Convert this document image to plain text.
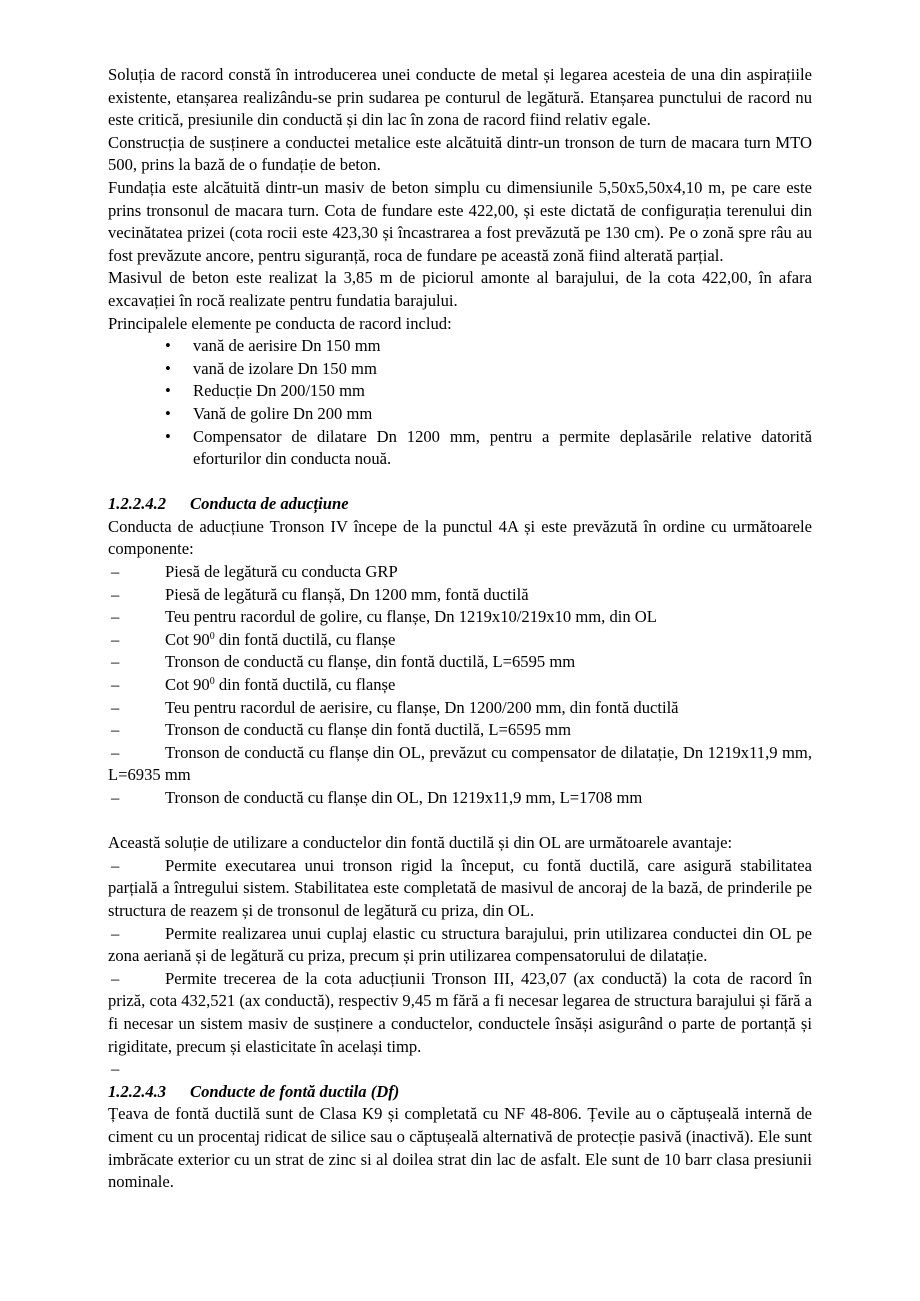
Soluția de racord constă în introducerea unei conducte de metal și legarea acesteia de una din aspirațiile existente, etanșarea realizându-se prin sudarea pe conturul de legătură. Etanșarea punctului de racord nu este critică, presiunile din conductă și din lac în zona de racord fiind relativ egale.

Construcția de susținere a conductei metalice este alcătuită dintr-un tronson de turn de macara turn MTO 500, prins la bază de o fundație de beton.

Fundația este alcătuită dintr-un masiv de beton simplu cu dimensiunile 5,50x5,50x4,10 m, pe care este prins tronsonul de macara turn. Cota de fundare este 422,00, și este dictată de configurația terenului din vecinătatea prizei (cota rocii este 423,30 și încastrarea a fost prevăzută pe 130 cm). Pe o zonă spre râu au fost prevăzute ancore, pentru siguranță, roca de fundare pe această zonă fiind alterată parțial.

Masivul de beton este realizat la 3,85 m de piciorul amonte al barajului, de la cota 422,00, în afara excavației în rocă realizate pentru fundatia barajului.

Principalele elemente pe conducta de racord includ:

• vană de aerisire Dn 150 mm
• vană de izolare Dn 150 mm
• Reducție Dn 200/150 mm
• Vană de golire Dn 200 mm
• Compensator de dilatare Dn 1200 mm, pentru a permite deplasările relative datorită eforturilor din conducta nouă.
1.2.2.4.2 Conducta de aducțiune

Conducta de aducțiune Tronson IV începe de la punctul 4A și este prevăzută în ordine cu următoarele componente:

–	Piesă de legătură cu conducta GRP

–	Piesă de legătură cu flanșă, Dn 1200 mm, fontă ductilă

–	Teu pentru racordul de golire, cu flanșe, Dn 1219x10/219x10 mm, din OL

–	Cot $90^0$ din fontă ductilă, cu flanșe

–	Tronson de conductă cu flanșe, din fontă ductilă, L=6595 mm

–	Cot $90^0$ din fontă ductilă, cu flanșe

–	Teu pentru racordul de aerisire, cu flanșe, Dn 1200/200 mm, din fontă ductilă

–	Tronson de conductă cu flanșe din fontă ductilă, L=6595 mm

–	Tronson de conductă cu flanșe din OL, prevăzut cu compensator de dilatație, Dn 1219x11,9 mm, L=6935 mm

–	Tronson de conductă cu flanșe din OL, Dn 1219x11,9 mm, L=1708 mm

Această soluție de utilizare a conductelor din fontă ductilă și din OL are următoarele avantaje:

–	Permite executarea unui tronson rigid la început, cu fontă ductilă, care asigură stabilitatea parțială a întregului sistem. Stabilitatea este completată de masivul de ancoraj de la bază, de prinderile pe structura de reazem și de tronsonul de legătură cu priza, din OL.

–	Permite realizarea unui cuplaj elastic cu structura barajului, prin utilizarea conductei din OL pe zona aeriană și de legătură cu priza, precum și prin utilizarea compensatorului de dilatație.

–	Permite trecerea de la cota aducțiunii Tronson III, 423,07 (ax conductă) la cota de racord în priză, cota 432,521 (ax conductă), respectiv 9,45 m fără a fi necesar legarea de structura barajului și fără a fi necesar un sistem masiv de susținere a conductelor, conductele însăși asigurând o parte de portanță și rigiditate, precum și elasticitate în același timp.

–

1.2.2.4.3 Conducte de fontă ductila (Df)

Țeava de fontă ductilă sunt de Clasa K9 și completată cu NF 48-806. Țevile au o căptușeală internă de ciment cu un procentaj ridicat de silice sau o căptușeală alternativă de protecție pasivă (inactivă). Ele sunt imbrăcate exterior cu un strat de zinc si al doilea strat din lac de asfalt. Ele sunt de 10 barr clasa presiunii nominale.
